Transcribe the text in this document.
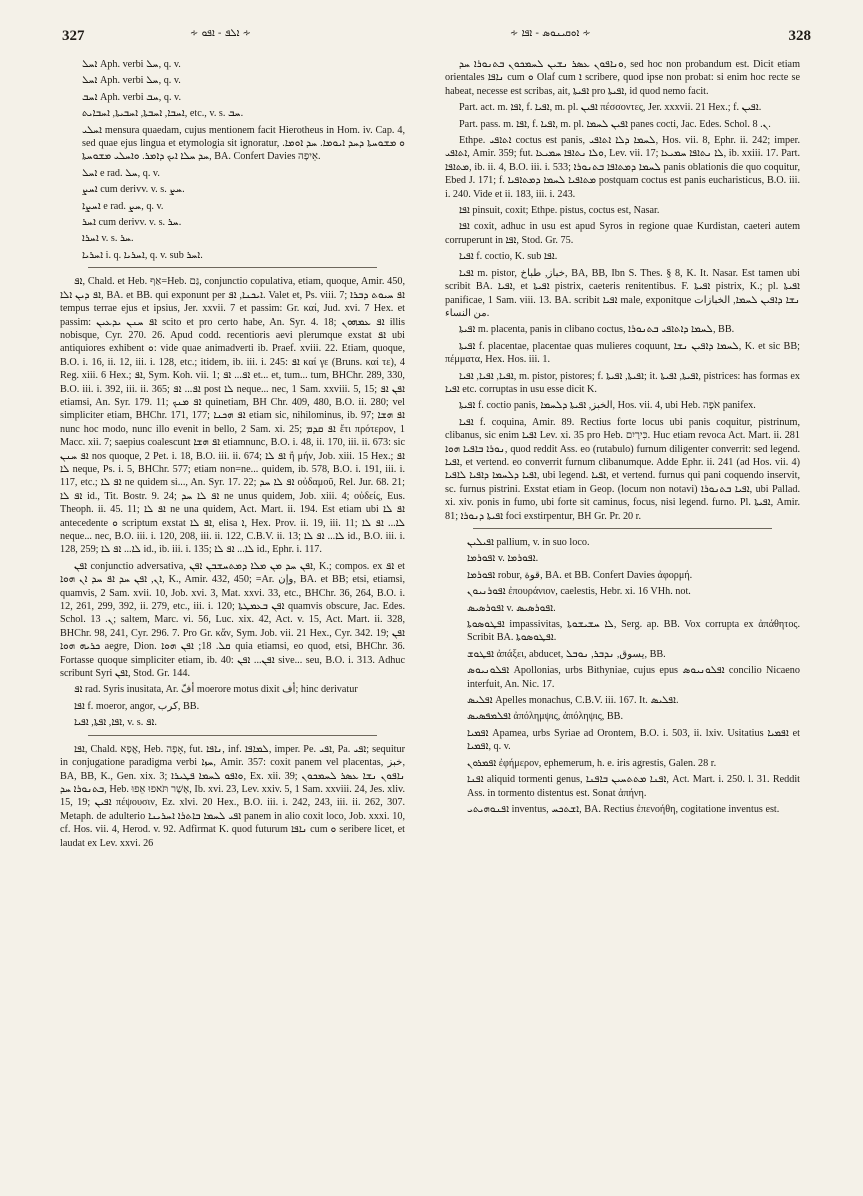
327	∻ ܐܠܦ - ܐܦܘ ∻	∻ ܐܘܩܝܢܘܣ - ܐܦܐ ∻	328

ܐܚܠ Aph. verbi ܚܠ, q. v.

ܐܚܠ Aph. verbi ܚܠ, q. v.

ܐܚܒ Aph. verbi ܚܒ, q. v.

ܐܚܒܐ, ܐܚܒܬܐ, ܐܚܒܝܬܐ, ܐܚܒܐܝܬ, etc., v. s. ܚܒ.

ܐܚܠܝ mensura quaedam, cujus mentionem facit Hierotheus in Hom. iv. Cap. 4, sed quae ejus lingua et etymologia sit ignoratur, ܘ ܡܫܘܚܬܐ ܕܚܕ ܐܝܘܡܐ. ܚܕ ܐܘܡܐ. ܚܕ ܚܠܐ ܐܝܟ ܕܐܡܪ. ܘܐܚܠܝ ܡܫܘܚܬܐ, BA. Confert Davies אֵיפָה.

ܐܚܠ e rad. ܚܠ, q. v.

ܐܚܨ cum derivv. v. s. ܚܨ.

ܐܚܨܐ e rad. ܚܨ, q. v.

ܐܚܪ cum derivv. v. s. ܚܪ.

ܐܚܪܐ v. s. ܚܪ.

ܐܚܪܝܐ i. q. ܐܚܪܝܐ, q. v. sub ܐܚܪ.

ܐܦ, Chald. et Heb. אַף=Heb. גַּם, conjunctio copulativa, etiam, quoque, Amir. 450, ܐܦ ܕܝܢ ܐܠܐ, BA. et BB. qui exponunt per ܐܝܟܢܐ, ܐܦ. Valet et, Ps. viii. 7; ܐܦ ܚܝܘܬ ܕܒܪܐ tempus terrae ejus et ipsius, Jer. xxvii. 7 et passim: Gr. καί, Jud. xvi. 7 Hex. et passim: ܐܦ ܚܢܢ ܝܕܥܝܢ scito et pro certo habe, An. Syr. 4. 18; ܐܦ ܥܡܗܘܢ illis nobisque, Cyr. 270. 26. Apud codd. recentioris aevi plerumque exstat ܐܦ ubi antiquiores exhibent ܘ: vide quae animadverti ib. Praef. xviii. 22. Etiam, quoque, B.O. i. 16, ii. 12, iii. i. 128, etc.; itidem, ib. iii. i. 245: ܐܦ καί γε (Bruns. καί τε), 4 Reg. xiii. 6 Hex.; ܐܦ, Sym. Koh. vii. 1; ܐܦ... ܐܦ et... et, tum... tum, BHChr. 289, 330, B.O. iii. i. 392, iii. ii. 365; ܐܦ... ܐܦ post ܠܐ neque... nec, 1 Sam. xxviii. 5, 15; ܐܦܢ ܐܦ etiamsi, An. Syr. 179. 11; ܐܦ ܡܢܟ quinetiam, BH Chr. 409, 480, B.O. ii. 280; vel simpliciter etiam, BHChr. 171, 177; ܐܦ ܗܟܢܐ etiam sic, nihilominus, ib. 97; ܐܦ ܗܫܐ nunc hoc modo, nunc illo evenit in bello, 2 Sam. xi. 25; ܐܦ ܩܕܡ ἔτι πρότερον, 1 Macc. xii. 7; saepius coalescunt ܐܦ ܗܫܐ etiamnunc, B.O. i. 48, ii. 170, iii. ii. 673: sic ܐܦ ܚܢܢ nos quoque, 2 Pet. i. 18, B.O. iii. ii. 674; ܐܦ ܠܐ ἢ μήν, Job. xiii. 15 Hex.; ܐܦ ܠܐ neque, Ps. i. 5, BHChr. 577; etiam non=ne... quidem, ib. 578, B.O. i. 191, iii. i. 117, etc.; ܐܦ ܠܐ ne quidem si..., An. Syr. 17. 22; ܐܦ ܠܐ ܚܕ οὐδαμοῦ, Rel. Jur. 68. 21; ܐܦ ܠܐ id., Tit. Bostr. 9. 24; ܐܦ ܠܐ ܚܕ ne unus quidem, Job. xiii. 4; οὐδείς, Eus. Theoph. ii. 45. 11; ܐܦ ܠܐ ne una quidem, Act. Mart. ii. 194. Est etiam ubi ܐܦ ܠܐ antecedente ܘ scriptum exstat ܐܦ ܠܐ, elisa ܐ, Hex. Prov. ii. 19, iii. 11; ܠܐ... ܐܦ ܠܐ neque... nec, B.O. iii. i. 120, 208, iii. ii. 122, C.B.V. ii. 13; ܠܐ... ܐܦ ܠܐ id., B.O. iii. i. 128, 259; ܠܐ... ܐܦ ܠܐ id., ib. iii. i. 135; ܠܐ... ܐܦ ܠܐ id., Ephr. i. 117.

ܐܦܢ conjunctio adversativa, ܐܦܢ ܚܕ ܡܢ ܡܠܐ ܕܡܬܚܫܒܢ ܐܦܢ, K.; compos. ex ܐܦ et ܐܢ, ܐܦܢ ܚܕ ܐܦ ܚܕ ܐܢ ܗܘܐ, K., Amir. 432, 450; =Ar. وإن, BA. et BB; etsi, etiamsi, quamvis, 2 Sam. xvii. 10, Job. xvi. 3, Mat. xxvi. 33, etc., BHChr. 36, 264, B.O. i. 12, 261, 299, 392, ii. 279, etc., iii. i. 120; ܐܦܢ ܒܥܡܛܬܐ quamvis obscure, Jac. Edes. Schol. ܢ. 13; saltem, Marc. vi. 56, Luc. xix. 42, Act. v. 15, Act. Mart. ii. 328, BHChr. 98, 241, Cyr. 296. 7. Pro Gr. κἄν, Sym. Job. vii. 21 Hex., Cyr. 342. 19; ܐܦܢ ܟܪܝܗ ܗܘܐ aegre, Dion. ܩܠ. 18; ܐܦܢ ܗܘܐ quia etiamsi, eo quod, etsi, BHChr. 36. Fortasse quoque simpliciter etiam, ib. 40: ܐܦܢ... ܐܦܢ sive... seu, B.O. i. 313. Adhuc scribunt Syri ܐܦܢ, Stod. Gr. 144.

ܐܦ rad. Syris inusitata, Ar. أفّ moerore motus dixit أف; hinc derivatur

ܐܦܐ f. moeror, angor, كرب, BB.

ܐܦܐ, ܐܦܬܐ, ܐܦܝܐ, v. s. ܐܦ.

ܐܦܐ, Chald. אֲפָא, Heb. אָפָה, fut. ܢܐܦܐ, inf. ܠܡܐܦܐ, imper. Pe. ܐܦܝ, Pa. ܐܦܝ; sequitur in conjugatione paradigma verbi ܚܙܐ, Amir. 357: coxit panem vel placentas, خبز, BA, BB, K., Gen. xix. 3; ܘܐܦܘ ܠܚܡܐ ܦܛܝܪܐ, Ex. xii. 39; ܢܐܦܘܢ ܢܫܐ ܥܣܪ ܠܚܡܟܘܢ ܒܬܢܘܪܐ ܚܕ, Heb. אָשָׁר תֹּאפוּ אֵפוּ, Ib. xvi. 23, Lev. xxiv. 5, 1 Sam. xxviii. 24, Jes. xliv. 15, 19; ܐܦܝܢ πέψουσιν, Ez. xlvi. 20 Hex., B.O. iii. i. 242, 243, iii. ii. 262, 307. Metaph. de adulterio ܐܦܝ ܠܚܡܐ ܒܐܬܪܐ ܐܚܪܝܢܐ panem in alio coxit loco, Job. xxxi. 10, cf. Hos. vii. 4, Herod. v. 92. Adfirmat K. quod futurum ܢܐܦܐ cum ܘ seribere licet, et laudat ex Lev. xxvi. 26

ܘܢܐܦܘܢ ܥܣܪ ܢܫܝܢ ܠܚܡܟܘܢ ܒܬܢܘܪܐ ܚܕ, sed hoc non probandum est. Dicit etiam orientales ܢܐܦܐ cum ܘ Olaf cum ܐ scribere, quod ipse non probat: si enim hoc recte se habeat, necesse est scribas, ait, ܐܦܝܬܐ pro ܐܦܝܬܐ, id quod nemo facit.

Part. act. m. ܐܦܐ, f. ܐܦܝܐ, m. pl. ܐܦܝܢ πέσσοντες, Jer. xxxvii. 21 Hex.; f. ܐܦܝܢ.

Part. pass. m. ܐܦܐ, f. ܐܦܝܐ, m. pl. ܐܦܝܢ ܠܚܡܐ panes cocti, Jac. Edes. Schol. ܢ. 8.

Ethpe. ܐܬܐܦܝ coctus est panis, ܠܚܡܐ ܕܠܐ ܐܬܐܦܝ, Hos. vii. 8, Ephr. ii. 242; imper. ܐܬܐܦܝ, Amir. 359; fut. ܘܠܐ ܢܬܐܦܐ ܚܡܝܥܐ, Lev. vii. 17; ܠܐ ܢܬܐܦܐ ܚܡܝܥܐ, ib. xxiii. 17. Part. ܡܬܐܦܐ, ib. ii. 4, B.O. iii. i. 533; ܠܚܡܐ ܕܡܬܐܦܐ ܒܬܢܘܪܐ panis oblationis die quo coquitur, Ebed J. 171; f. ܡܬܐܦܝܐ ܠܚܡܐ ܕܡܬܐܦܝܐ postquam coctus est panis eucharisticus, B.O. iii. i. 240. Vide et ii. 183, iii. i. 243.

ܐܦܐ pinsuit, coxit; Ethpe. pistus, coctus est, Nasar.

ܐܦܐ coxit, adhuc in usu est apud Syros in regione quae Kurdistan, caeteri autem corruperunt in ܐܦܐ, Stod. Gr. 75.

ܐܦܝܐ f. coctio, K. sub ܐܦܐ.

ܐܦܝܐ m. pistor, خباز, طباخ, BA, BB, Ibn S. Thes. § 8, K. It. Nasar. Est tamen ubi scribit BA. ܐܦܝܐ, et ܐܦܝܬܐ pistrix, caeteris renitentibus. F. ܐܦܝܬܐ pistrix, K.; pl. ܐܦܝܬܐ panificae, 1 Sam. viii. 13. BA. scribit ܐܦܝܐ male, exponitque ܢܫܐ ܕܐܦܝܢ ܠܚܡܐ, الخبازات من النساء.

ܐܦܝܬܐ m. placenta, panis in clibano coctus, ܠܚܡܐ ܕܐܬܐܦܝ ܒܬܢܘܪܐ, BB.

ܐܦܝܬܐ f. placentae, placentae quas mulieres coquunt, ܠܚܡܐ ܕܐܦܝܢ ܢܫܐ, K. et sic BB; πέμματα, Hex. Hos. iii. 1.

ܐܦܝܐ, ܐܦܝܐ, ܐܦܝܐ, m. pistor, pistores; f. ܐܦܝܬܐ, ܐܦܝܬܐ; it. ܐܦܝܬܐ, ܐܦܝܬܐ, pistrices: has formas ex ܐܦܝܐ etc. corruptas in usu esse dicit K.

ܐܦܝܬܐ f. coctio panis, الخبز, ܐܦܝܬܐ ܕܠܚܡܐ, Hos. vii. 4, ubi Heb. אֹפֶה panifex.

ܐܦܝܐ f. coquina, Amir. 89. Rectius forte locus ubi panis coquitur, pistrinum, clibanus, sic enim ܐܦܝܐ Lev. xi. 35 pro Heb. כִּירַיִם. Huc etiam revoca Act. Mart. ii. 281 ܢܘܪܐ ܒܐܦܝܐ ܗܘܐ, quod reddit Ass. eo (rutabulo) furnum diligenter converrit: sed legend. ܐܦܝܐ, et vertend. eo converrit furnum clibanumque. Adde Ephr. ii. 241 (ad Hos. vii. 4) ܐܦܝܐ ܕܠܚܡܐ ܕܐܦܝܐ ܠܐܦܝܐ, ubi legend. ܐܦܝܐ, et vertend. furnus qui pani coquendo inservit, sc. furnus pistrini. Exstat etiam in Geop. (locum non notavi) ܐܦܝܐ ܒܬܢܘܪܐ, ubi Pallad. xi. xiv. ponis in fumo, ubi forte sit caminus, focus, nisi legend. furno. Pl. ܐܦܝܬܐ, Amir. 81; ܐܦܝܬܐ ܕܢܘܪܐ foci exstirpentur, BH Gr. Pr. 20 r.

ܐܦܝܠܝܢ pallium, v. in suo loco.

ܐܦܘܪܡܐ v. ܐܦܘܪܡܐ.

ܐܦܘܪܡܐ robur, قوة, BA. et BB. Confert Davies ἀφορμή.

ܐܦܘܪܢܝܘܢ ἐπουράνιον, caelestis, Hebr. xi. 16 VHh. not.

ܐܦܘܪܣܝܣ v. ܐܦܘܪܣܝܣ.

ܐܦܛܘܣܘܬܐ impassivitas, ܠܐ ܚܫܝܫܘܬܐ, Serg. ap. BB. Vox corrupta ex ἀπάθητος. Scribit BA. ܐܦܛܘܣܘܬܐ.

ܐܦܛܘܫ ἀπάξει, abducet, يسوق, ܢܕܒܪ, ܢܘܒܠ, BB.

ܐܦܠܘܢܝܘܣ Apollonias, urbs Bithyniae, cujus epus ܐܦܠܘܢܝܘܣ concilio Nicaeno interfuit, An. Nic. 17.

ܐܦܠܝܣ Apelles monachus, C.B.V. iii. 167. It. ܐܦܠܝܣ.

ܐܦܠܡܦܣܝܣ ἀπόλημψις, ἀπόληψις, BB.

ܐܦܡܝܐ Apamea, urbs Syriae ad Orontem, B.O. i. 503, ii. lxiv. Usitatius ܐܦܡܝܐ et ܐܦܡܝܐ, q. v.

ܐܦܡܪܘܢ ἐφήμερον, ephemerum, h. e. iris agrestis, Galen. 28 r.

ܐܦܢܐ aliquid tormenti genus, ܐܦܢܐ ܡܬܬܚܝܢ ܒܐܦܢܐ, Act. Mart. i. 250. l. 31. Reddit Ass. in tormento distentus est. Sonat ἀπήνη.

ܐܦܢܘܗܝܬܝ inventus, ܐܫܬܟܚ, BA. Rectius ἐπενοήθη, cogitatione inventus est.
